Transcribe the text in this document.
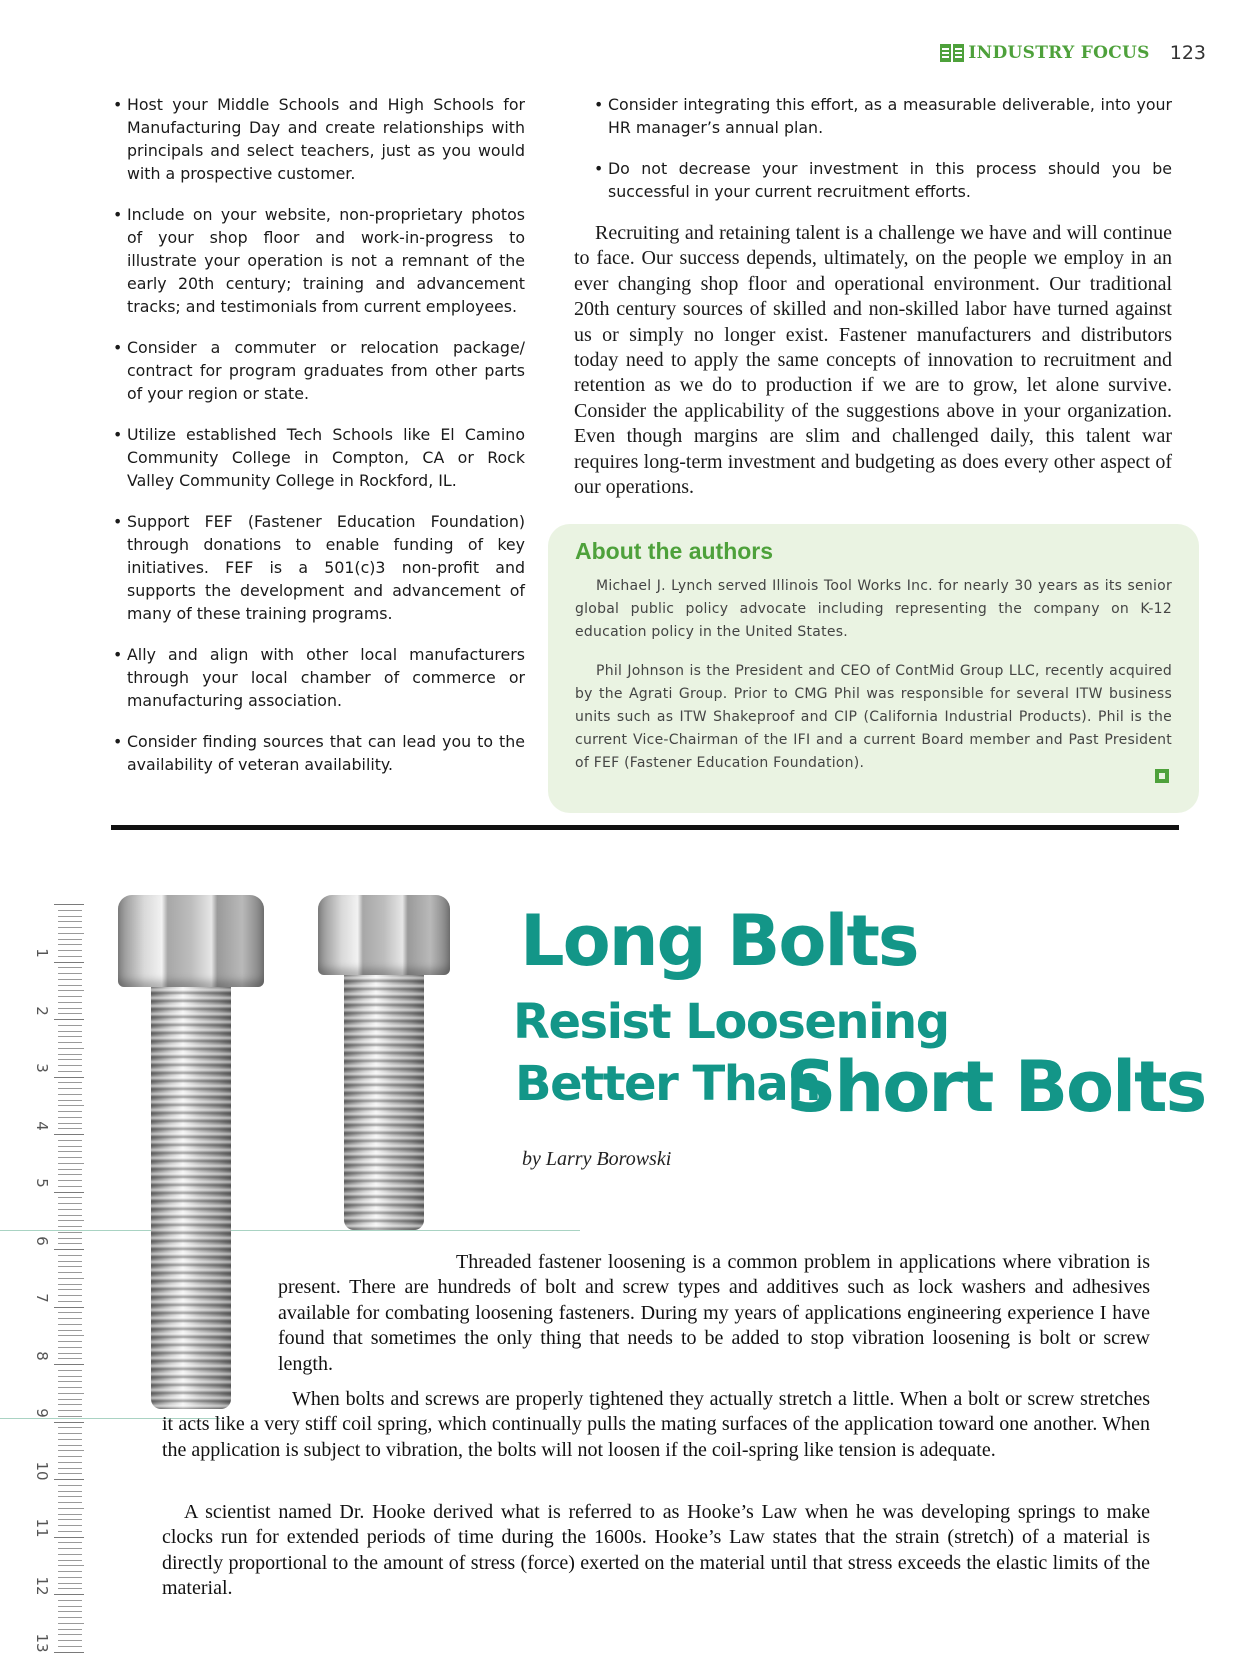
INDUSTRY FOCUS 123
• Host your Middle Schools and High Schools for Manufacturing Day and create relationships with principals and select teachers, just as you would with a prospective customer.
• Include on your website, non-proprietary photos of your shop floor and work-in-progress to illustrate your operation is not a remnant of the early 20th century; training and advancement tracks; and testimonials from current employees.
• Consider a commuter or relocation package/ contract for program graduates from other parts of your region or state.
• Utilize established Tech Schools like El Camino Community College in Compton, CA or Rock Valley Community College in Rockford, IL.
• Support FEF (Fastener Education Foundation) through donations to enable funding of key initiatives. FEF is a 501(c)3 non-profit and supports the development and advancement of many of these training programs.
• Ally and align with other local manufacturers through your local chamber of commerce or manufacturing association.
• Consider finding sources that can lead you to the availability of veteran availability.
• Consider integrating this effort, as a measurable deliverable, into your HR manager’s annual plan.
• Do not decrease your investment in this process should you be successful in your current recruitment efforts.

Recruiting and retaining talent is a challenge we have and will continue to face. Our success depends, ultimately, on the people we employ in an ever changing shop floor and operational environment. Our traditional 20th century sources of skilled and non-skilled labor have turned against us or simply no longer exist. Fastener manufacturers and distributors today need to apply the same concepts of innovation to recruitment and retention as we do to production if we are to grow, let alone survive. Consider the applicability of the suggestions above in your organization. Even though margins are slim and challenged daily, this talent war requires long-term investment and budgeting as does every other aspect of our operations.

About the authors

Michael J. Lynch served Illinois Tool Works Inc. for nearly 30 years as its senior global public policy advocate including representing the company on K-12 education policy in the United States.

Phil Johnson is the President and CEO of ContMid Group LLC, recently acquired by the Agrati Group. Prior to CMG Phil was responsible for several ITW business units such as ITW Shakeproof and CIP (California Industrial Products). Phil is the current Vice-Chairman of the IFI and a current Board member and Past President of FEF (Fastener Education Foundation).

1
2
3
4
5
6
7
8
9
10
11
12
13
Long Bolts
Resist Loosening
Better Than
Short Bolts
by Larry Borowski

Threaded fastener loosening is a common problem in applications where vibration is present. There are hundreds of bolt and screw types and additives such as lock washers and adhesives available for combating loosening fasteners. During my years of applications engineering experience I have found that sometimes the only thing that needs to be added to stop vibration loosening is bolt or screw length.

When bolts and screws are properly tightened they actually stretch a little. When a bolt or screw stretches it acts like a very stiff coil spring, which continually pulls the mating surfaces of the application toward one another. When the application is subject to vibration, the bolts will not loosen if the coil-spring like tension is adequate.

A scientist named Dr. Hooke derived what is referred to as Hooke’s Law when he was developing springs to make clocks run for extended periods of time during the 1600s. Hooke’s Law states that the strain (stretch) of a material is directly proportional to the amount of stress (force) exerted on the material until that stress exceeds the elastic limits of the material.
